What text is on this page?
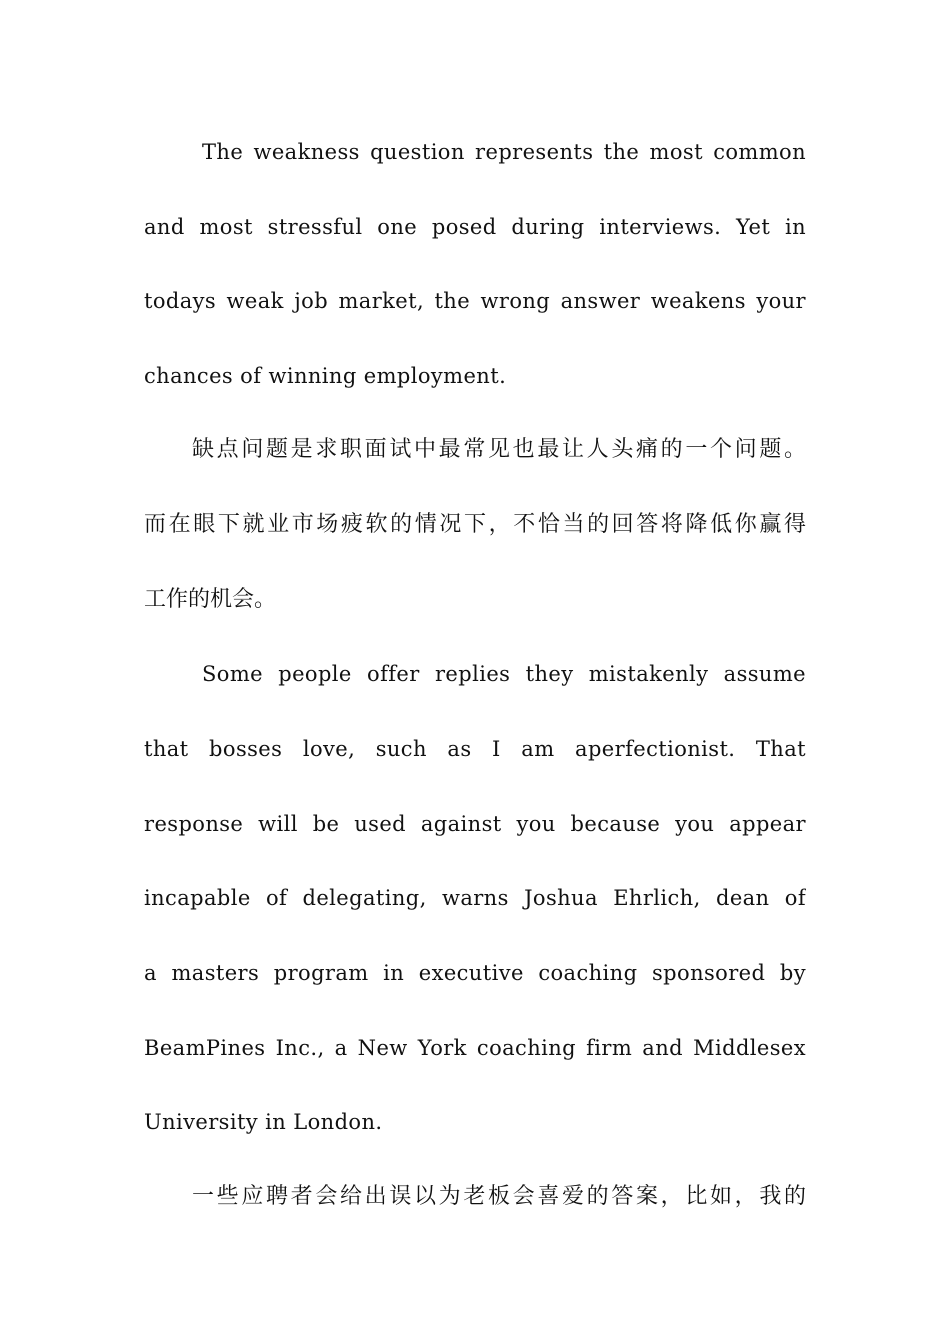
The weakness question represents the most common
and most stressful one posed during interviews. Yet in
todays weak job market, the wrong answer weakens your
chances of winning employment.
缺点问题是求职面试中最常见也最让人头痛的一个问题。
而在眼下就业市场疲软的情况下，不恰当的回答将降低你赢得
工作的机会。
Some people offer replies they mistakenly assume
that bosses love, such as I am aperfectionist. That
response will be used against you because you appear
incapable of delegating, warns Joshua Ehrlich, dean of
a masters program in executive coaching sponsored by
BeamPines Inc., a New York coaching firm and Middlesex
University in London.
一些应聘者会给出误以为老板会喜爱的答案，比如，我的
